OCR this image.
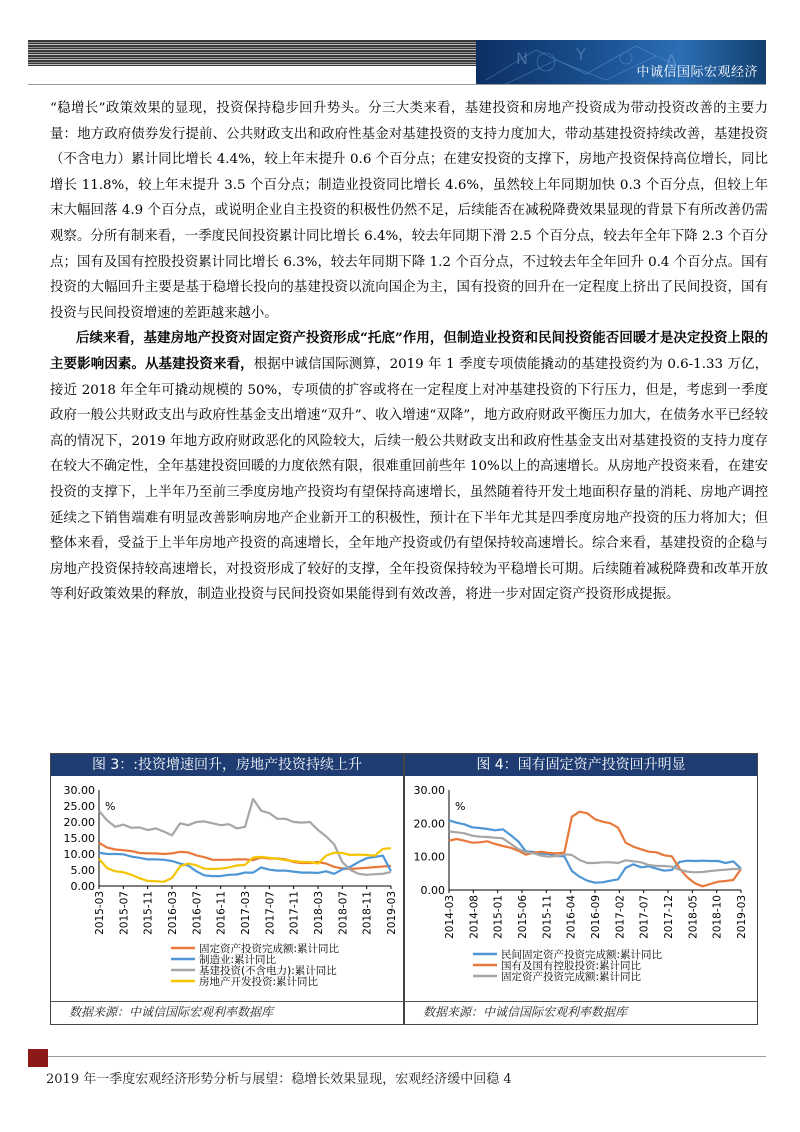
N	Y	Δ
中诚信国际宏观经济

“稳增长”政策效果的显现，投资保持稳步回升势头。分三大类来看，基建投资和房地产投资成为带动投资改善的主要力量：地方政府债券发行提前、公共财政支出和政府性基金对基建投资的支持力度加大，带动基建投资持续改善，基建投资（不含电力）累计同比增长 4.4%，较上年末提升 0.6 个百分点；在建安投资的支撑下，房地产投资保持高位增长，同比增长 11.8%，较上年末提升 3.5 个百分点；制造业投资同比增长 4.6%，虽然较上年同期加快 0.3 个百分点，但较上年末大幅回落 4.9 个百分点，或说明企业自主投资的积极性仍然不足，后续能否在减税降费效果显现的背景下有所改善仍需观察。分所有制来看，一季度民间投资累计同比增长 6.4%，较去年同期下滑 2.5 个百分点，较去年全年下降 2.3 个百分点；国有及国有控股投资累计同比增长 6.3%，较去年同期下降 1.2 个百分点，不过较去年全年回升 0.4 个百分点。国有投资的大幅回升主要是基于稳增长投向的基建投资以流向国企为主，国有投资的回升在一定程度上挤出了民间投资，国有投资与民间投资增速的差距越来越小。

后续来看，基建房地产投资对固定资产投资形成“托底”作用，但制造业投资和民间投资能否回暖才是决定投资上限的主要影响因素。从基建投资来看，根据中诚信国际测算，2019 年 1 季度专项债能撬动的基建投资约为 0.6-1.33 万亿，接近 2018 年全年可撬动规模的 50%，专项债的扩容或将在一定程度上对冲基建投资的下行压力，但是，考虑到一季度政府一般公共财政支出与政府性基金支出增速“双升”、收入增速“双降”，地方政府财政平衡压力加大，在债务水平已经较高的情况下，2019 年地方政府财政恶化的风险较大，后续一般公共财政支出和政府性基金支出对基建投资的支持力度存在较大不确定性，全年基建投资回暖的力度依然有限，很难重回前些年 10%以上的高速增长。从房地产投资来看，在建安投资的支撑下，上半年乃至前三季度房地产投资均有望保持高速增长，虽然随着待开发土地面积存量的消耗、房地产调控延续之下销售端难有明显改善影响房地产企业新开工的积极性，预计在下半年尤其是四季度房地产投资的压力将加大；但整体来看，受益于上半年房地产投资的高速增长，全年地产投资或仍有望保持较高速增长。综合来看，基建投资的企稳与房地产投资保持较高速增长，对投资形成了较好的支撑，全年投资保持较为平稳增长可期。后续随着减税降费和改革开放等利好政策效果的释放，制造业投资与民间投资如果能得到有效改善，将进一步对固定资产投资形成提振。

图 3：:投资增速回升，房地产投资持续上升
0.00
5.00
10.00
15.00
20.00
25.00
30.00
%
2015-03 2015-07 2015-11 2016-03 2016-07 2016-11 2017-03 2017-07 2017-11 2018-03 2018-07 2018-11 2019-03
固定资产投资完成额:累计同比
制造业:累计同比
基建投资(不含电力):累计同比
房地产开发投资:累计同比
数据来源：中诚信国际宏观利率数据库
图 4：国有固定资产投资回升明显
0.00
10.00
20.00
30.00
%
2014-03 2014-08 2015-01 2015-06 2015-11 2016-04 2016-09 2017-02 2017-07 2017-12 2018-05 2018-10 2019-03
民间固定资产投资完成额:累计同比
国有及国有控股投资:累计同比
固定资产投资完成额:累计同比
数据来源：中诚信国际宏观利率数据库
2019 年一季度宏观经济形势分析与展望：稳增长效果显现，宏观经济缓中回稳 4
